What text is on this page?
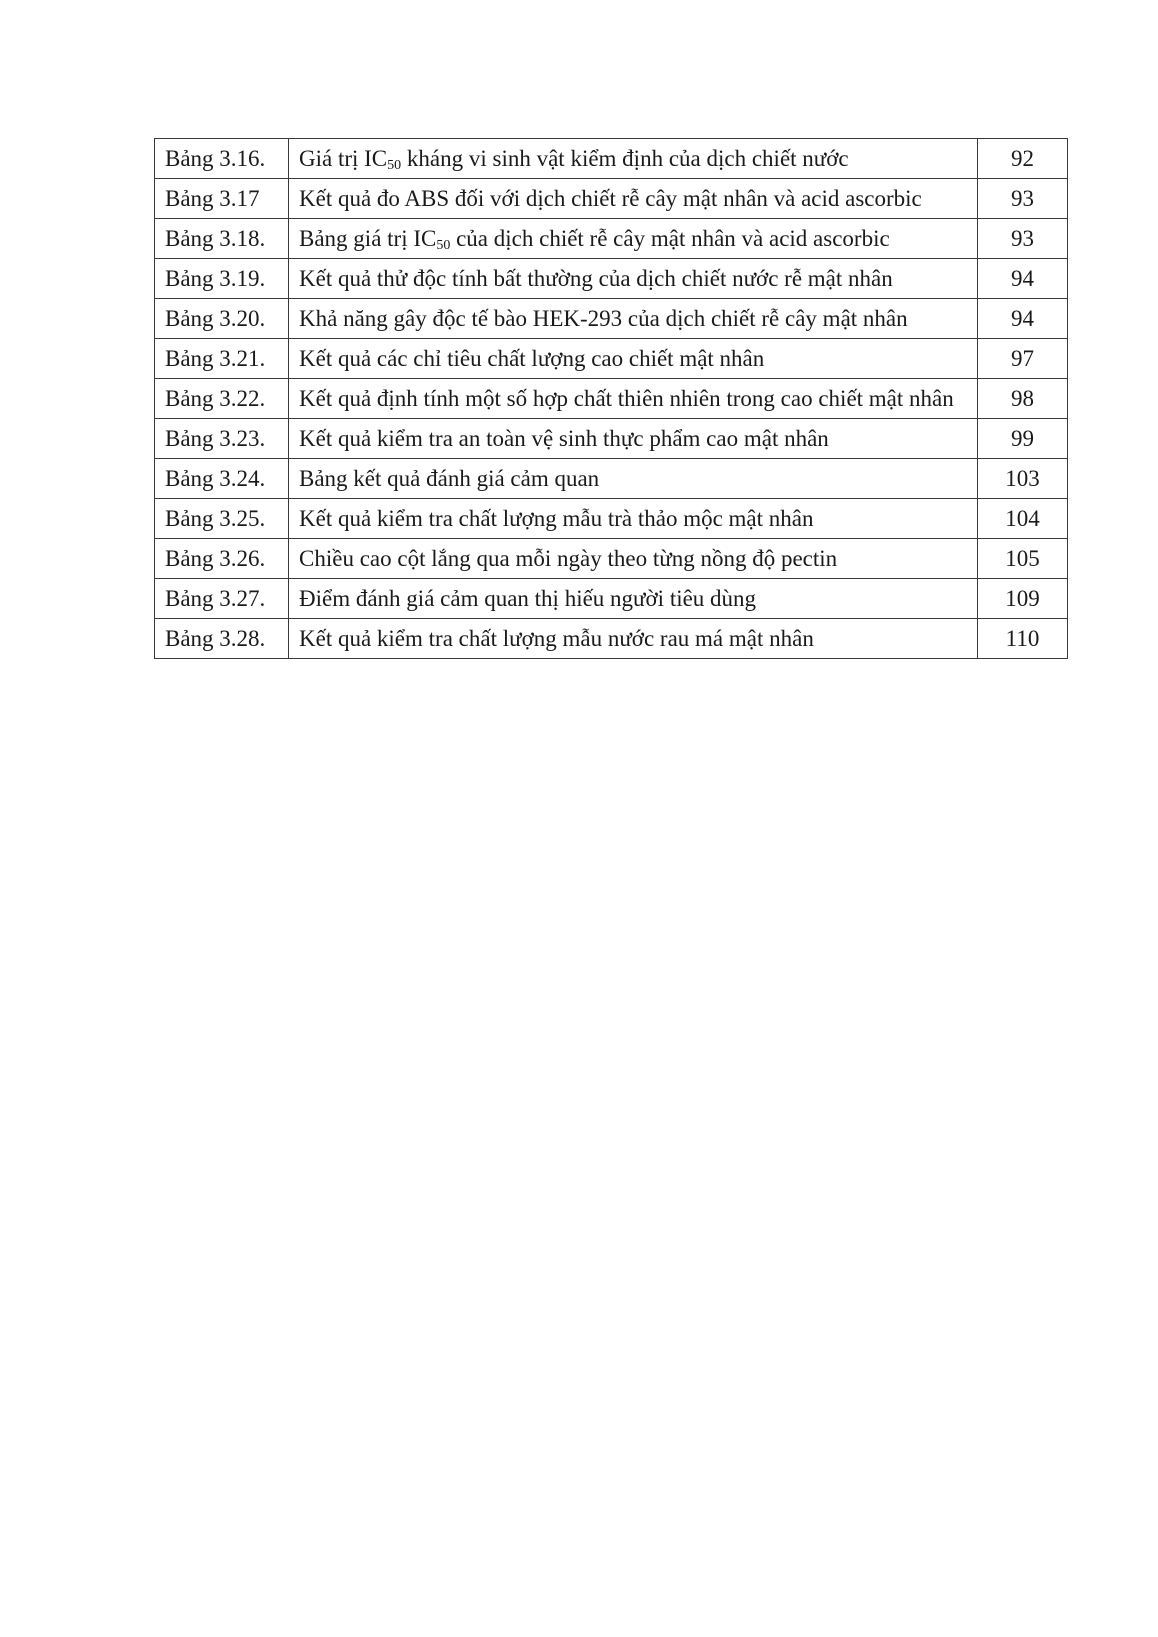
Bảng 3.16.	Giá trị $IC_{50}$ kháng vi sinh vật kiểm định của dịch chiết nước	92
Bảng 3.17	Kết quả đo ABS đối với dịch chiết rễ cây mật nhân và acid ascorbic	93
Bảng 3.18.	Bảng giá trị $IC_{50}$ của dịch chiết rễ cây mật nhân và acid ascorbic	93
Bảng 3.19.	Kết quả thử độc tính bất thường của dịch chiết nước rễ mật nhân	94
Bảng 3.20.	Khả năng gây độc tế bào HEK-293 của dịch chiết rễ cây mật nhân	94
Bảng 3.21.	Kết quả các chỉ tiêu chất lượng cao chiết mật nhân	97
Bảng 3.22.	Kết quả định tính một số hợp chất thiên nhiên trong cao chiết mật nhân	98
Bảng 3.23.	Kết quả kiểm tra an toàn vệ sinh thực phẩm cao mật nhân	99
Bảng 3.24.	Bảng kết quả đánh giá cảm quan	103
Bảng 3.25.	Kết quả kiểm tra chất lượng mẫu trà thảo mộc mật nhân	104
Bảng 3.26.	Chiều cao cột lắng qua mỗi ngày theo từng nồng độ pectin	105
Bảng 3.27.	Điểm đánh giá cảm quan thị hiếu người tiêu dùng	109
Bảng 3.28.	Kết quả kiểm tra chất lượng mẫu nước rau má mật nhân	110
